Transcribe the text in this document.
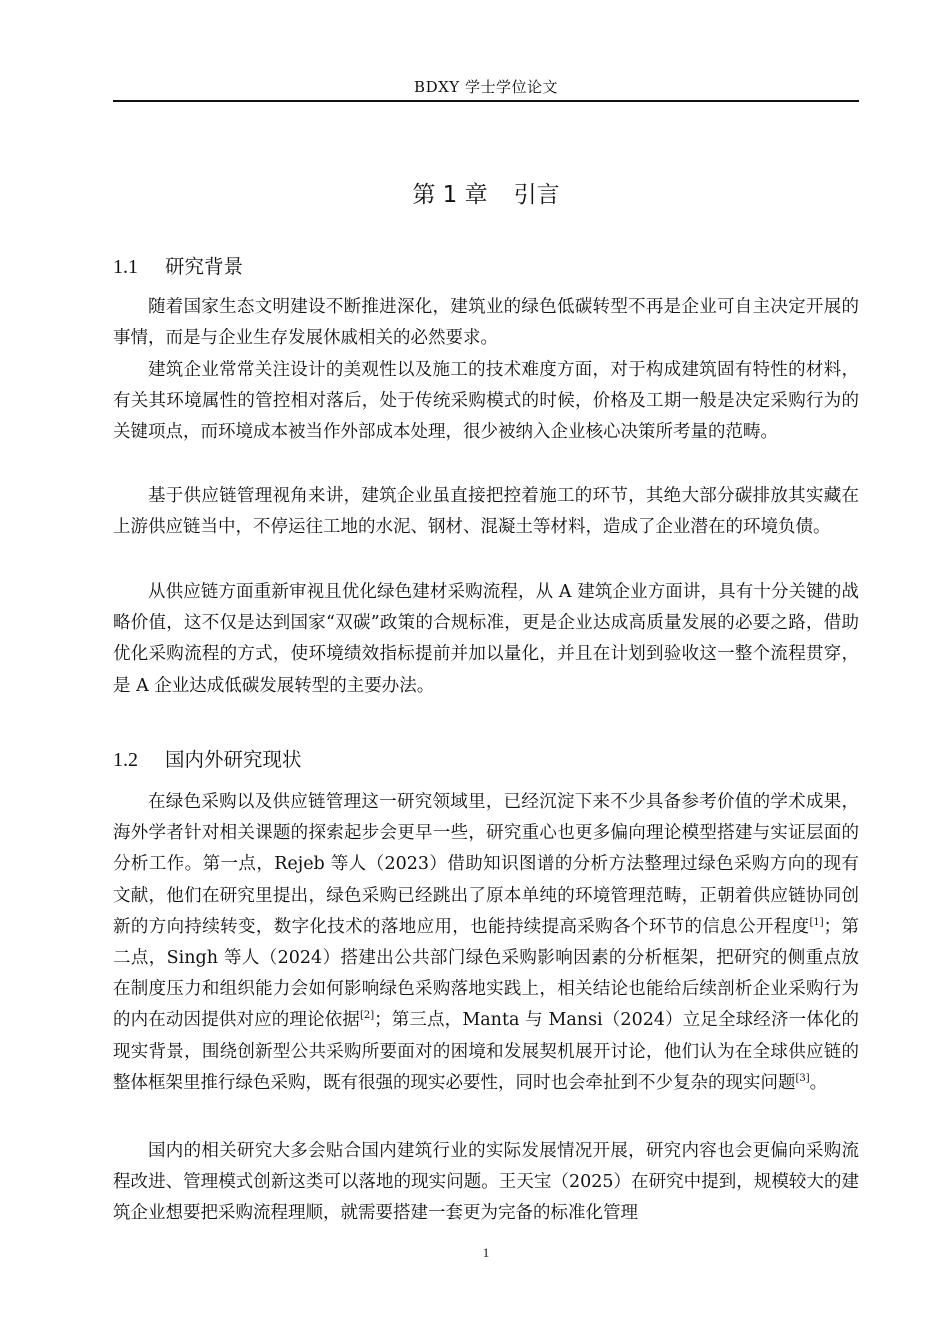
BDXY 学士学位论文
第 1 章 引言
1.1 研究背景

随着国家生态文明建设不断推进深化，建筑业的绿色低碳转型不再是企业可自主决定开展的事情，而是与企业生存发展休戚相关的必然要求。

建筑企业常常关注设计的美观性以及施工的技术难度方面，对于构成建筑固有特性的材料，有关其环境属性的管控相对落后，处于传统采购模式的时候，价格及工期一般是决定采购行为的关键项点，而环境成本被当作外部成本处理，很少被纳入企业核心决策所考量的范畴。

基于供应链管理视角来讲，建筑企业虽直接把控着施工的环节，其绝大部分碳排放其实藏在上游供应链当中，不停运往工地的水泥、钢材、混凝土等材料，造成了企业潜在的环境负债。

从供应链方面重新审视且优化绿色建材采购流程，从 A 建筑企业方面讲，具有十分关键的战略价值，这不仅是达到国家“双碳”政策的合规标准，更是企业达成高质量发展的必要之路，借助优化采购流程的方式，使环境绩效指标提前并加以量化，并且在计划到验收这一整个流程贯穿，是 A 企业达成低碳发展转型的主要办法。

1.2 国内外研究现状

在绿色采购以及供应链管理这一研究领域里，已经沉淀下来不少具备参考价值的学术成果，海外学者针对相关课题的探索起步会更早一些，研究重心也更多偏向理论模型搭建与实证层面的分析工作。第一点，Rejeb 等人（2023）借助知识图谱的分析方法整理过绿色采购方向的现有文献，他们在研究里提出，绿色采购已经跳出了原本单纯的环境管理范畴，正朝着供应链协同创新的方向持续转变，数字化技术的落地应用，也能持续提高采购各个环节的信息公开程度[1]；第二点，Singh 等人（2024）搭建出公共部门绿色采购影响因素的分析框架，把研究的侧重点放在制度压力和组织能力会如何影响绿色采购落地实践上，相关结论也能给后续剖析企业采购行为的内在动因提供对应的理论依据[2]；第三点，Manta 与 Mansi（2024）立足全球经济一体化的现实背景，围绕创新型公共采购所要面对的困境和发展契机展开讨论，他们认为在全球供应链的整体框架里推行绿色采购，既有很强的现实必要性，同时也会牵扯到不少复杂的现实问题[3]。

国内的相关研究大多会贴合国内建筑行业的实际发展情况开展，研究内容也会更偏向采购流程改进、管理模式创新这类可以落地的现实问题。王天宝（2025）在研究中提到，规模较大的建筑企业想要把采购流程理顺，就需要搭建一套更为完备的标准化管理

1
